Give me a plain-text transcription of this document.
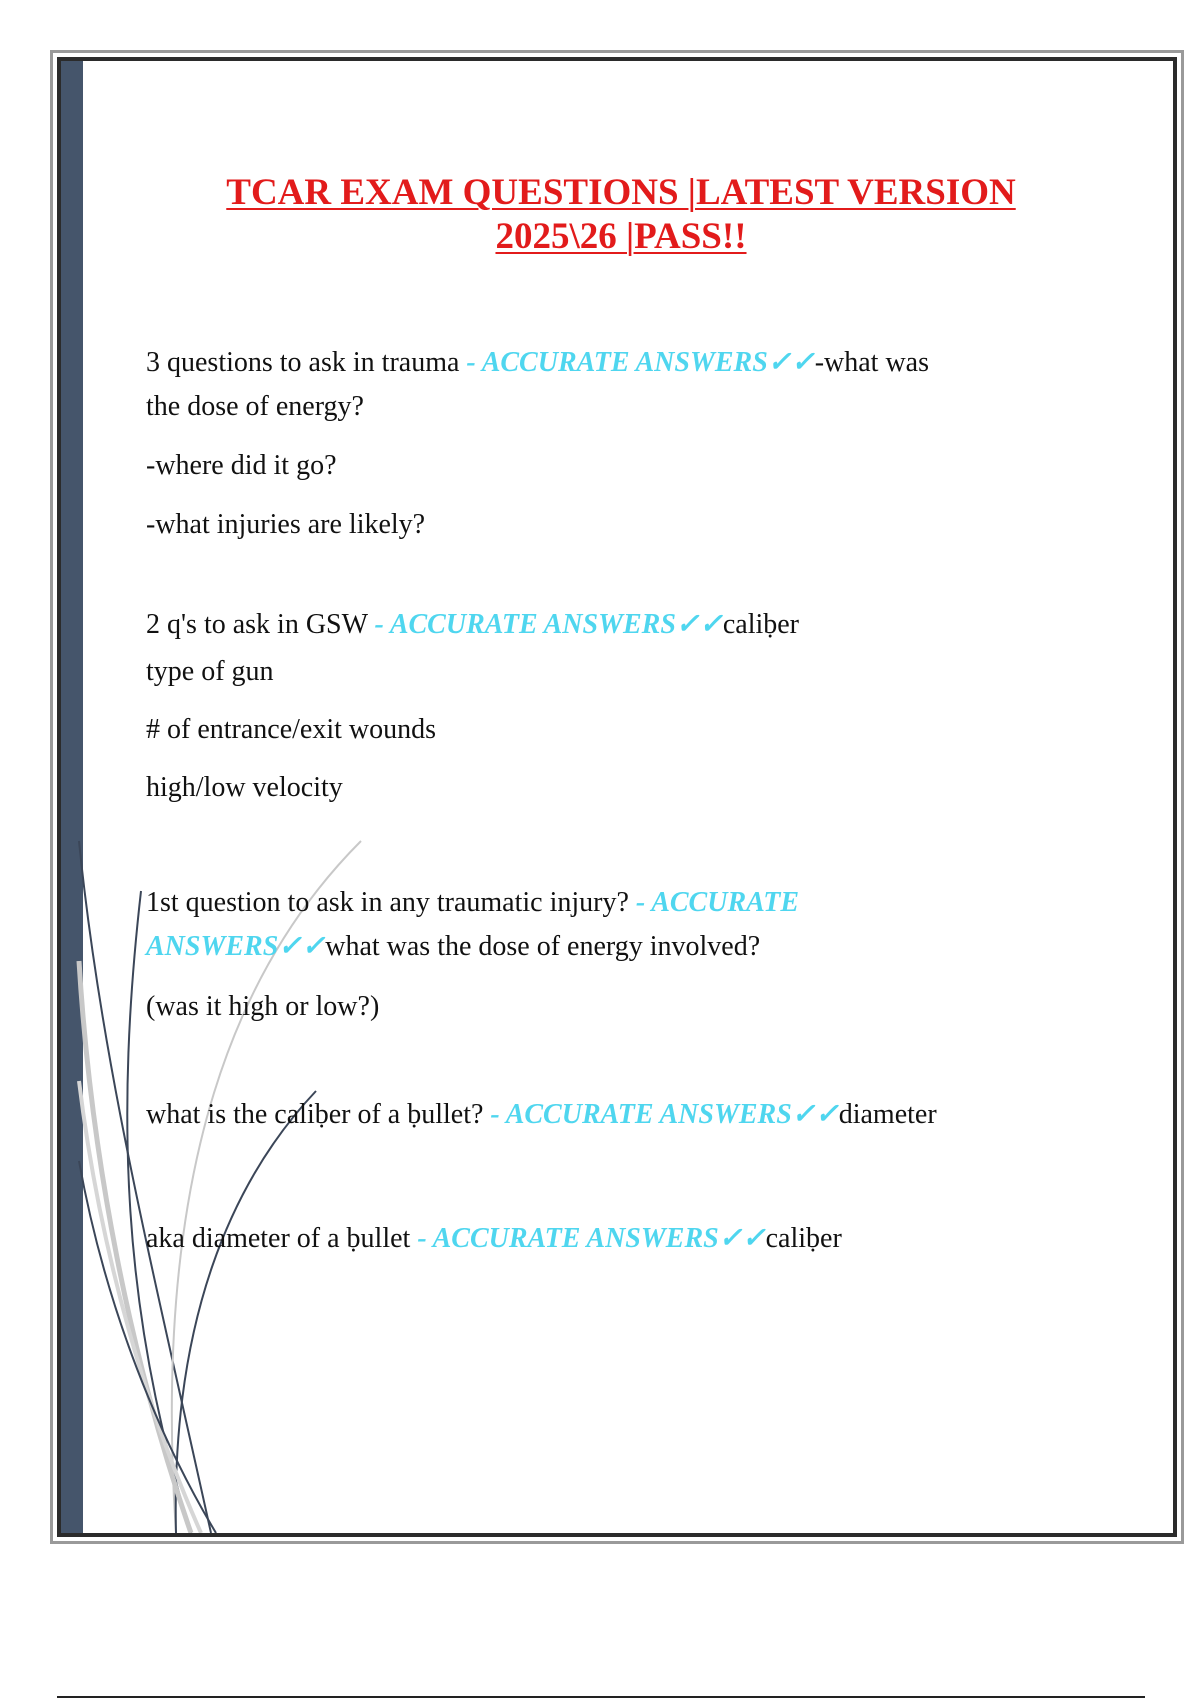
TCAR EXAM QUESTIONS |LATEST VERSION
2025\26 |PASS!!
3 questions to ask in trauma - ACCURATE ANSWERS✓✓-what was
the dose of energy?
-where did it go?
-what injuries are likely?
2 q's to ask in GSW - ACCURATE ANSWERS✓✓caliḅer
type of gun
# of entrance/exit wounds
high/low velocity
1st question to ask in any traumatic injury? - ACCURATE
ANSWERS✓✓what was the dose of energy involved?
(was it high or low?)
what is the caliḅer of a ḅullet? - ACCURATE ANSWERS✓✓diameter
aka diameter of a ḅullet - ACCURATE ANSWERS✓✓caliḅer
